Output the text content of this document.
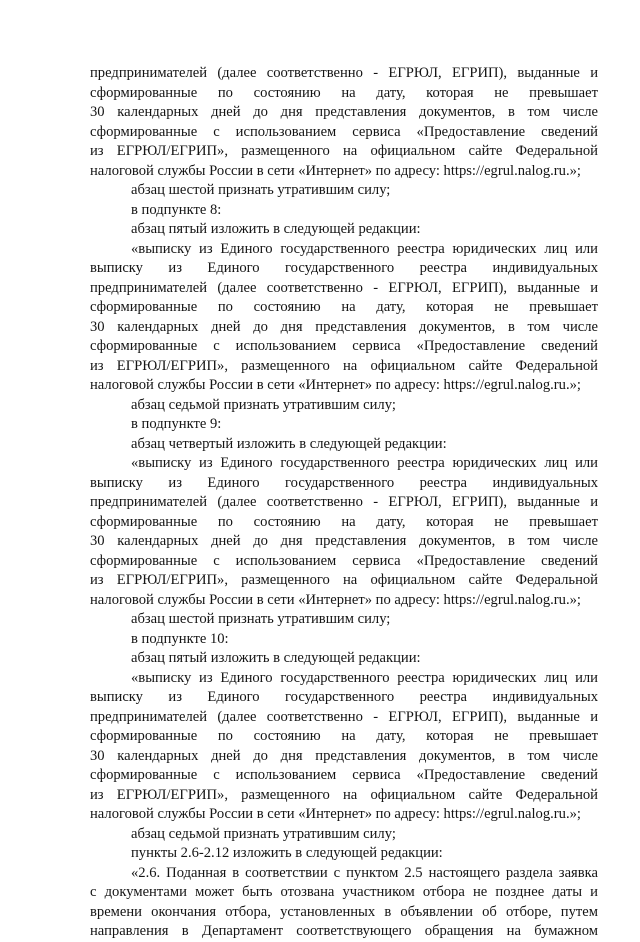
предпринимателей (далее соответственно - ЕГРЮЛ, ЕГРИП), выданные и
сформированные по состоянию на дату, которая не превышает
30 календарных дней до дня представления документов, в том числе
сформированные с использованием сервиса «Предоставление сведений
из ЕГРЮЛ/ЕГРИП», размещенного на официальном сайте Федеральной
налоговой службы России в сети «Интернет» по адресу: https://egrul.nalog.ru.»;
абзац шестой признать утратившим силу;
в подпункте 8:
абзац пятый изложить в следующей редакции:
«выписку из Единого государственного реестра юридических лиц или
выписку из Единого государственного реестра индивидуальных
предпринимателей (далее соответственно - ЕГРЮЛ, ЕГРИП), выданные и
сформированные по состоянию на дату, которая не превышает
30 календарных дней до дня представления документов, в том числе
сформированные с использованием сервиса «Предоставление сведений
из ЕГРЮЛ/ЕГРИП», размещенного на официальном сайте Федеральной
налоговой службы России в сети «Интернет» по адресу: https://egrul.nalog.ru.»;
абзац седьмой признать утратившим силу;
в подпункте 9:
абзац четвертый изложить в следующей редакции:
«выписку из Единого государственного реестра юридических лиц или
выписку из Единого государственного реестра индивидуальных
предпринимателей (далее соответственно - ЕГРЮЛ, ЕГРИП), выданные и
сформированные по состоянию на дату, которая не превышает
30 календарных дней до дня представления документов, в том числе
сформированные с использованием сервиса «Предоставление сведений
из ЕГРЮЛ/ЕГРИП», размещенного на официальном сайте Федеральной
налоговой службы России в сети «Интернет» по адресу: https://egrul.nalog.ru.»;
абзац шестой признать утратившим силу;
в подпункте 10:
абзац пятый изложить в следующей редакции:
«выписку из Единого государственного реестра юридических лиц или
выписку из Единого государственного реестра индивидуальных
предпринимателей (далее соответственно - ЕГРЮЛ, ЕГРИП), выданные и
сформированные по состоянию на дату, которая не превышает
30 календарных дней до дня представления документов, в том числе
сформированные с использованием сервиса «Предоставление сведений
из ЕГРЮЛ/ЕГРИП», размещенного на официальном сайте Федеральной
налоговой службы России в сети «Интернет» по адресу: https://egrul.nalog.ru.»;
абзац седьмой признать утратившим силу;
пункты 2.6-2.12 изложить в следующей редакции:
«2.6. Поданная в соответствии с пунктом 2.5 настоящего раздела заявка
с документами может быть отозвана участником отбора не позднее даты и
времени окончания отбора, установленных в объявлении об отборе, путем
направления в Департамент соответствующего обращения на бумажном
